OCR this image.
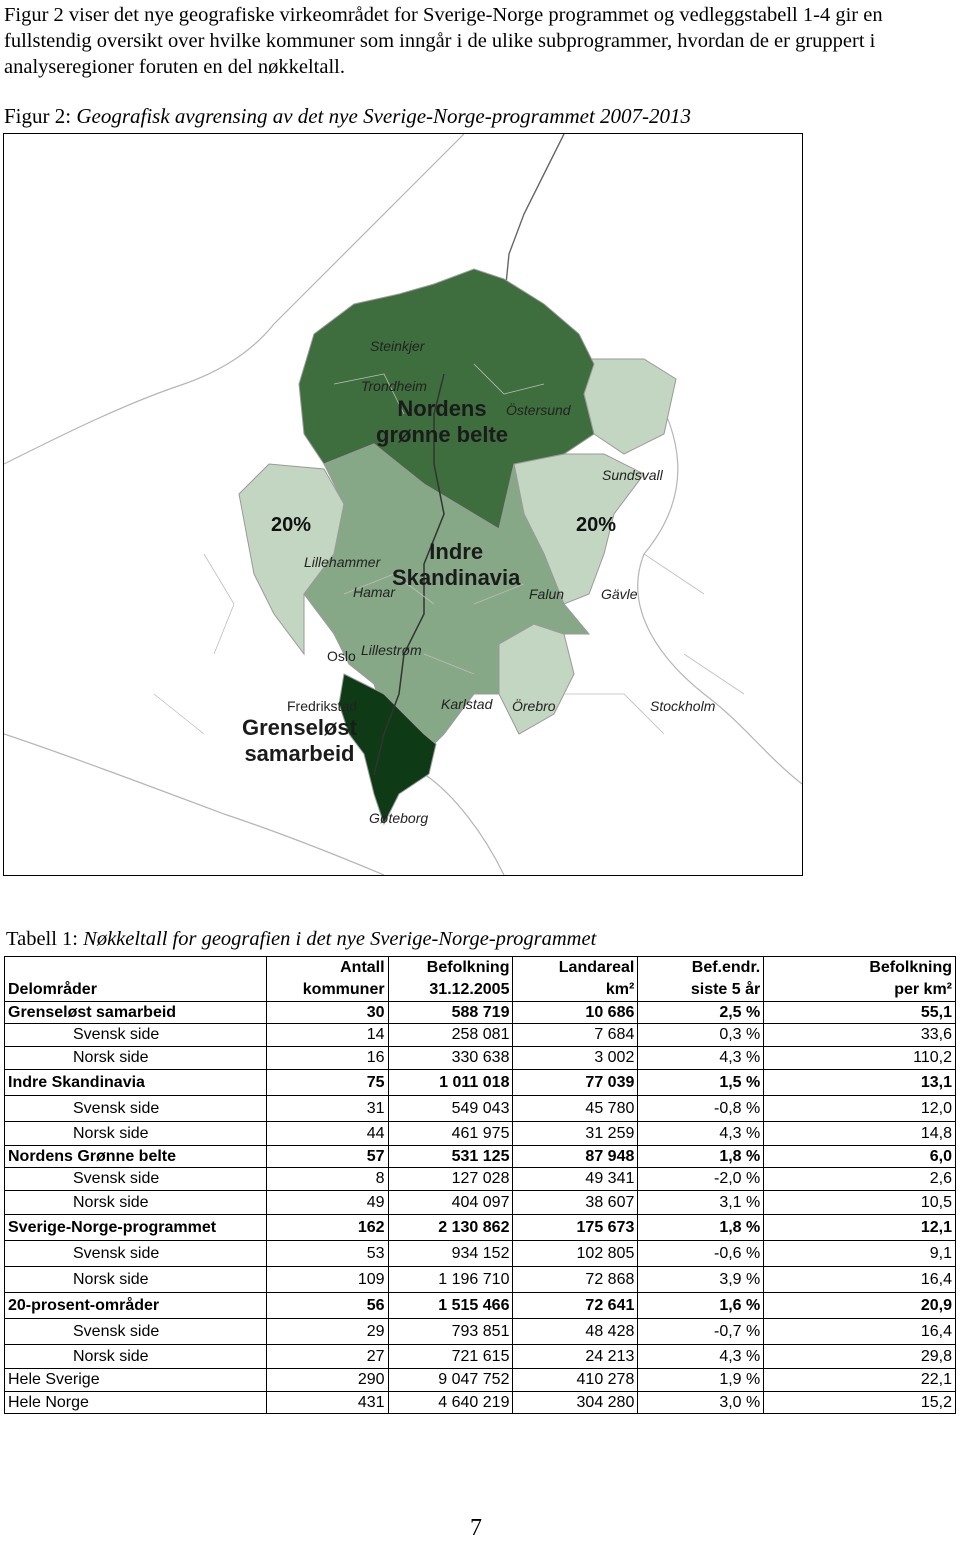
Figur 2 viser det nye geografiske virkeområdet for Sverige-Norge programmet og vedleggstabell 1-4 gir en fullstendig oversikt over hvilke kommuner som inngår i de ulike subprogrammer, hvordan de er gruppert i analyseregioner foruten en del nøkkeltall.
Figur 2: Geografisk avgrensing av det nye Sverige-Norge-programmet 2007-2013
Steinkjer
Trondheim
Östersund
Sundsvall
Lillehammer
Hamar	Falun	Gävle
Oslo Lillestrøm
Fredrikstad	Karlstad Örebro	Stockholm
Gøteborg
Nordens
grønne belte
Indre
Skandinavia
Grenseløst
samarbeid
20%	20%
Tabell 1: Nøkkeltall for geografien i det nye Sverige-Norge-programmet
	Antall	Befolkning	Landareal	Bef.endr.	Befolkning
Delområder	kommuner	31.12.2005	km²	siste 5 år	per km²
Grenseløst samarbeid	30	588 719	10 686	2,5 %	55,1
Svensk side	14	258 081	7 684	0,3 %	33,6
Norsk side	16	330 638	3 002	4,3 %	110,2
Indre Skandinavia	75	1 011 018	77 039	1,5 %	13,1
Svensk side	31	549 043	45 780	-0,8 %	12,0
Norsk side	44	461 975	31 259	4,3 %	14,8
Nordens Grønne belte	57	531 125	87 948	1,8 %	6,0
Svensk side	8	127 028	49 341	-2,0 %	2,6
Norsk side	49	404 097	38 607	3,1 %	10,5
Sverige-Norge-programmet	162	2 130 862	175 673	1,8 %	12,1
Svensk side	53	934 152	102 805	-0,6 %	9,1
Norsk side	109	1 196 710	72 868	3,9 %	16,4
20-prosent-områder	56	1 515 466	72 641	1,6 %	20,9
Svensk side	29	793 851	48 428	-0,7 %	16,4
Norsk side	27	721 615	24 213	4,3 %	29,8
Hele Sverige	290	9 047 752	410 278	1,9 %	22,1
Hele Norge	431	4 640 219	304 280	3,0 %	15,2
7
